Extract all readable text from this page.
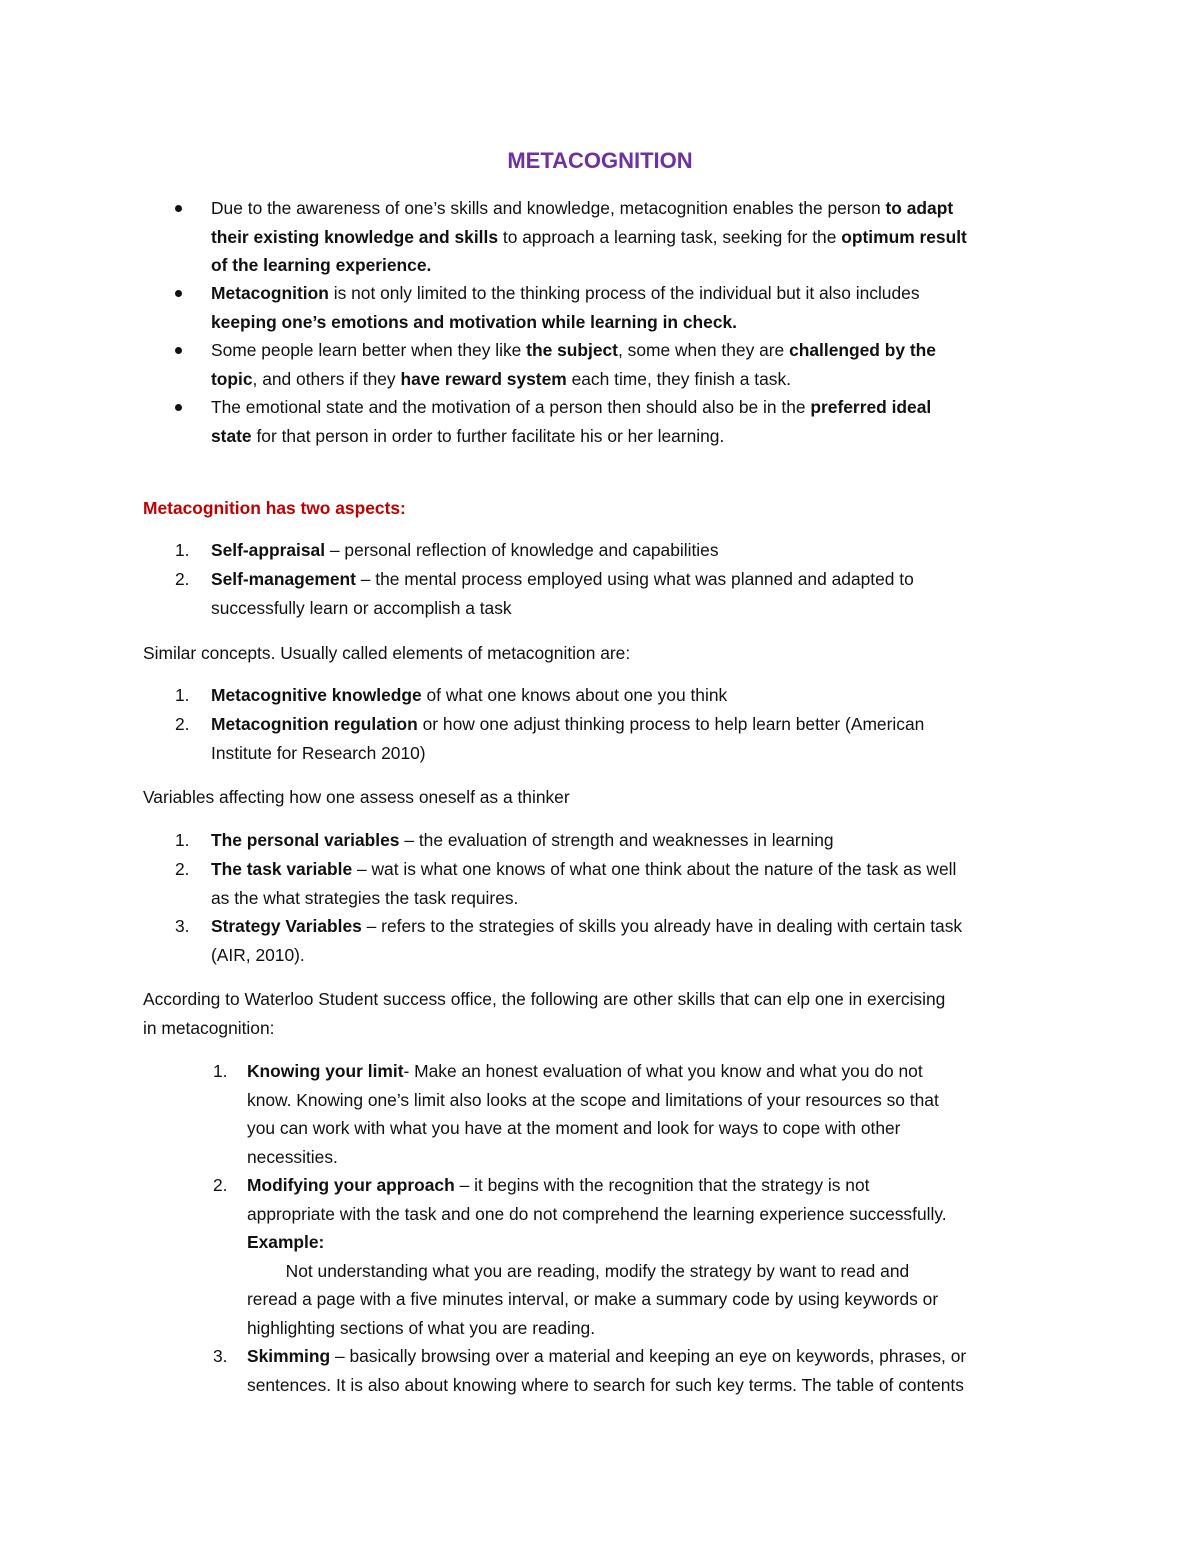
METACOGNITION
Due to the awareness of one’s skills and knowledge, metacognition enables the person to adapt
their existing knowledge and skills to approach a learning task, seeking for the optimum result
of the learning experience.
Metacognition is not only limited to the thinking process of the individual but it also includes
keeping one’s emotions and motivation while learning in check.
Some people learn better when they like the subject, some when they are challenged by the
topic, and others if they have reward system each time, they finish a task.
The emotional state and the motivation of a person then should also be in the preferred ideal
state for that person in order to further facilitate his or her learning.
Metacognition has two aspects:
1. Self-appraisal – personal reflection of knowledge and capabilities
2. Self-management – the mental process employed using what was planned and adapted to
successfully learn or accomplish a task
Similar concepts. Usually called elements of metacognition are:
1. Metacognitive knowledge of what one knows about one you think
2. Metacognition regulation or how one adjust thinking process to help learn better (American
Institute for Research 2010)
Variables affecting how one assess oneself as a thinker
1. The personal variables – the evaluation of strength and weaknesses in learning
2. The task variable – wat is what one knows of what one think about the nature of the task as well
as the what strategies the task requires.
3. Strategy Variables – refers to the strategies of skills you already have in dealing with certain task
(AIR, 2010).
According to Waterloo Student success office, the following are other skills that can elp one in exercising
in metacognition:
1. Knowing your limit- Make an honest evaluation of what you know and what you do not
know. Knowing one’s limit also looks at the scope and limitations of your resources so that
you can work with what you have at the moment and look for ways to cope with other
necessities.
2. Modifying your approach – it begins with the recognition that the strategy is not
appropriate with the task and one do not comprehend the learning experience successfully.
Example:
Not understanding what you are reading, modify the strategy by want to read and
reread a page with a five minutes interval, or make a summary code by using keywords or
highlighting sections of what you are reading.
3. Skimming – basically browsing over a material and keeping an eye on keywords, phrases, or
sentences. It is also about knowing where to search for such key terms. The table of contents
